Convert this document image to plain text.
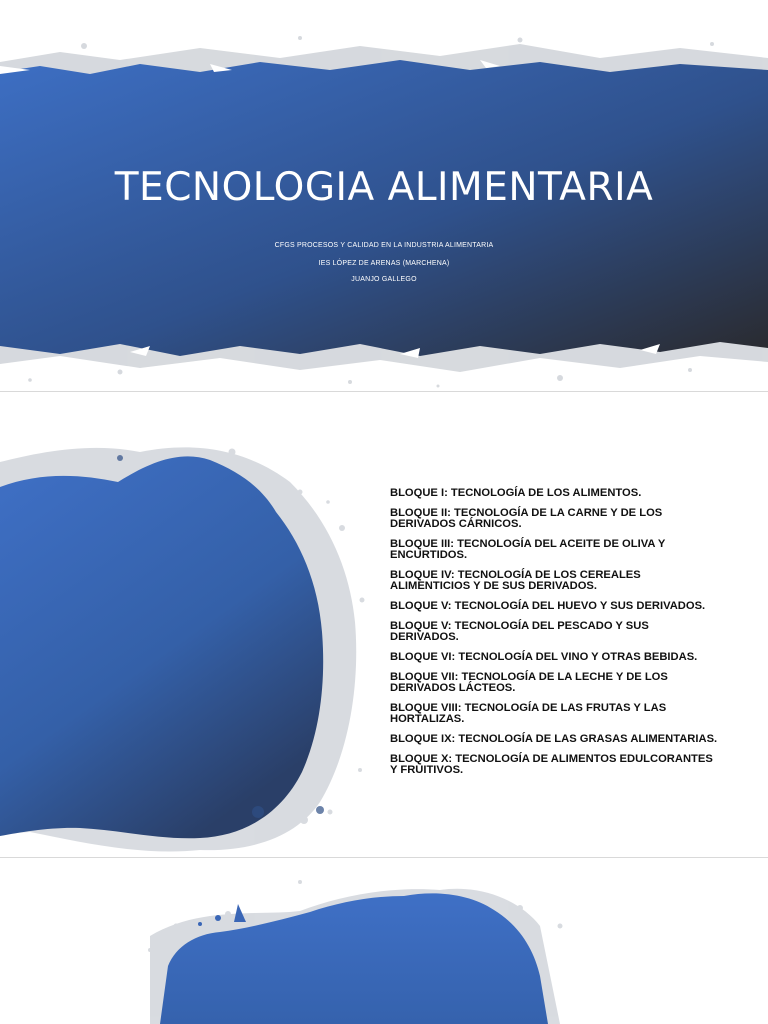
TECNOLOGIA ALIMENTARIA

CFGS PROCESOS Y CALIDAD EN LA INDUSTRIA ALIMENTARIA

IES LÓPEZ DE ARENAS (MARCHENA)

JUANJO GALLEGO

BLOQUE I: TECNOLOGÍA DE LOS ALIMENTOS.
BLOQUE II: TECNOLOGÍA DE LA CARNE Y DE LOS DERIVADOS CÁRNICOS.
BLOQUE III: TECNOLOGÍA DEL ACEITE DE OLIVA Y ENCURTIDOS.
BLOQUE IV: TECNOLOGÍA DE LOS CEREALES ALIMENTICIOS Y DE SUS DERIVADOS.
BLOQUE V: TECNOLOGÍA DEL HUEVO Y SUS DERIVADOS.
BLOQUE V: TECNOLOGÍA DEL PESCADO Y SUS DERIVADOS.
BLOQUE VI: TECNOLOGÍA DEL VINO Y OTRAS BEBIDAS.
BLOQUE VII: TECNOLOGÍA DE LA LECHE Y DE LOS DERIVADOS LÁCTEOS.
BLOQUE VIII: TECNOLOGÍA DE LAS FRUTAS Y LAS HORTALIZAS.
BLOQUE IX: TECNOLOGÍA DE LAS GRASAS ALIMENTARIAS.
BLOQUE X: TECNOLOGÍA DE ALIMENTOS EDULCORANTES Y FRUITIVOS.
